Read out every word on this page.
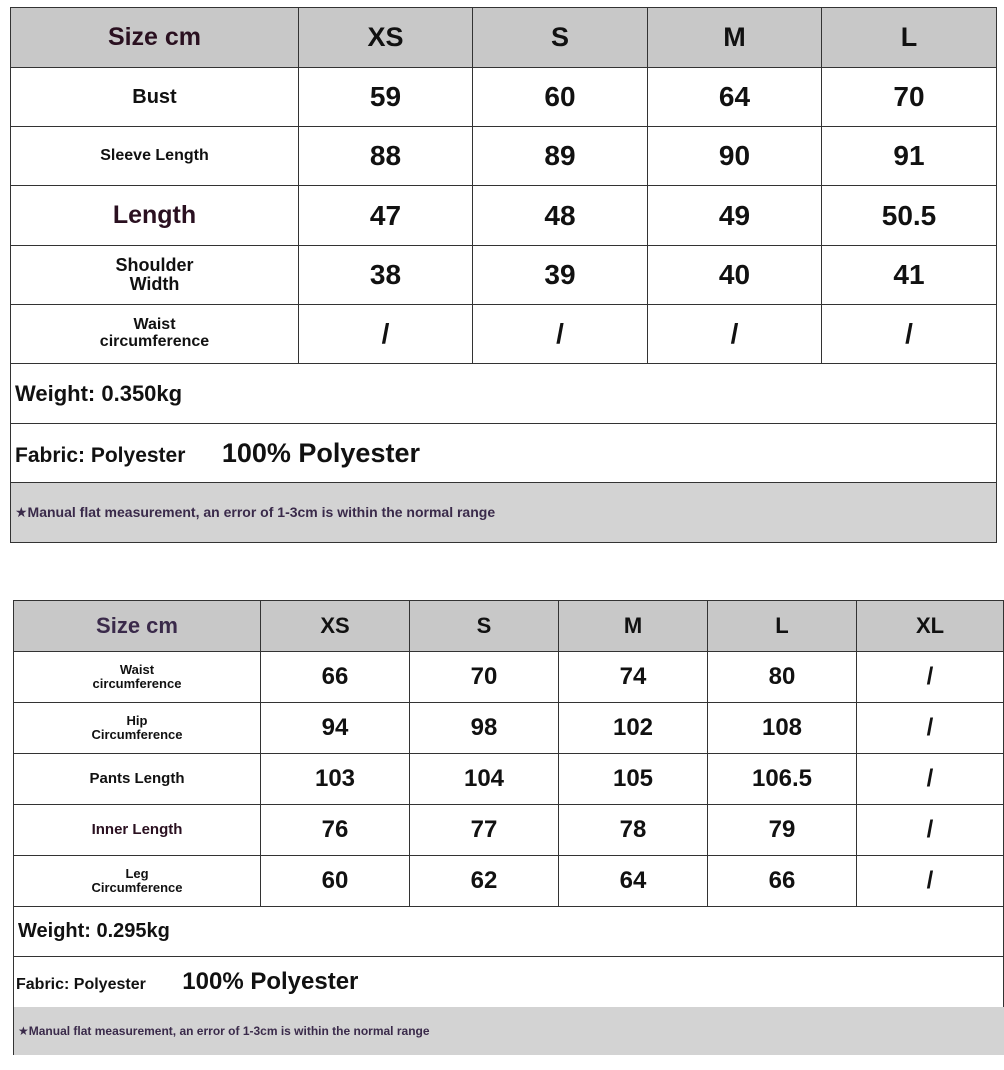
Size cm	XS	S	M	L
Bust	59	60	64	70
Sleeve Length	88	89	90	91
Length	47	48	49	50.5

Shoulder Width	38	39	40	41

Waist circumference	/	/	/	/
Weight: 0.350kg				
Fabric: Polyester 100% Polyester				
★Manual flat measurement, an error of 1-3cm is within the normal range				
Size cm	XS	S	M	L	XL

Waist circumference	66	70	74	80	/

Hip Circumference	94	98	102	108	/
Pants Length	103	104	105	106.5	/
Inner Length	76	77	78	79	/

Leg Circumference	60	62	64	66	/
Weight: 0.295kg					
Fabric: Polyester 100% Polyester					
★Manual flat measurement, an error of 1-3cm is within the normal range					
